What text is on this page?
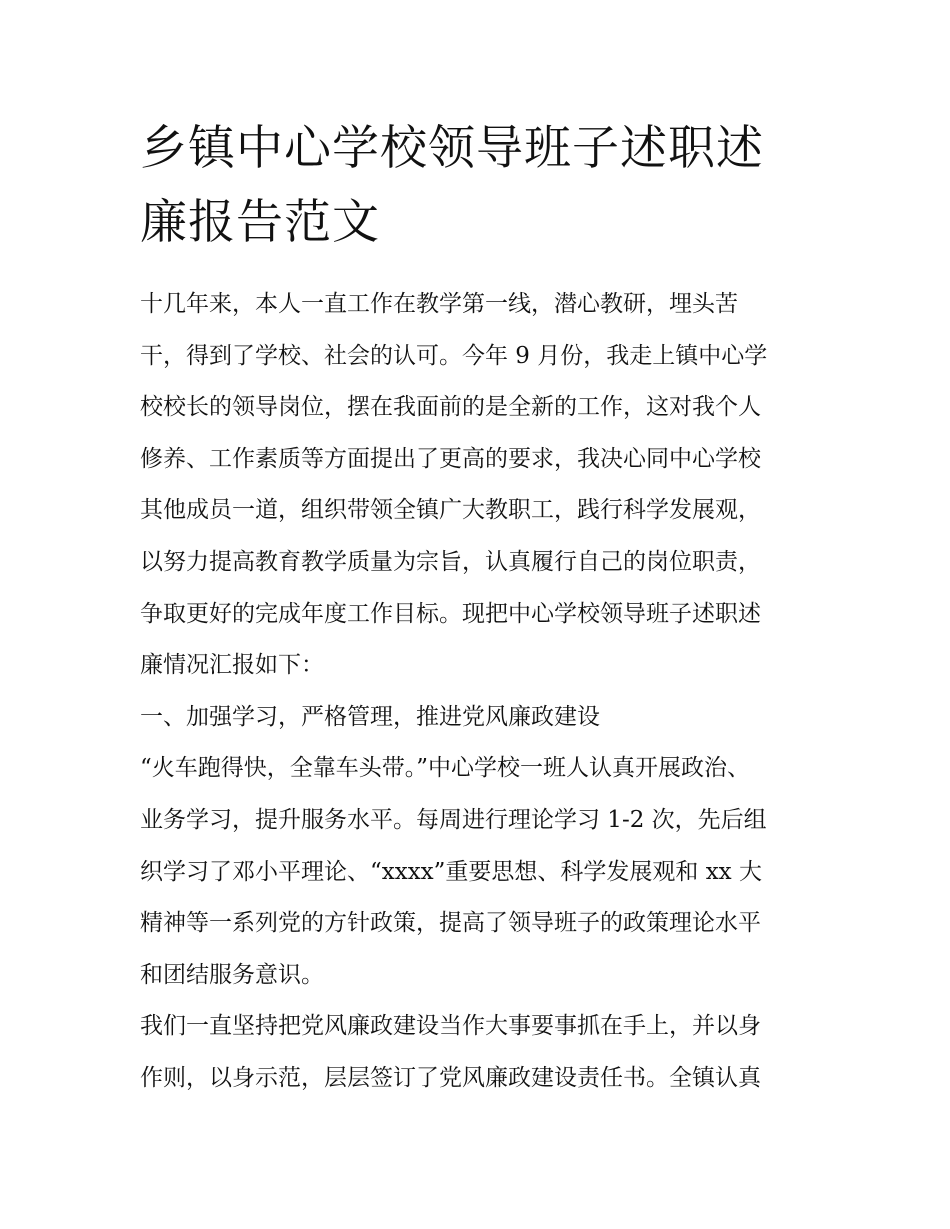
乡镇中心学校领导班子述职述廉报告范文

十几年来，本人一直工作在教学第一线，潜心教研，埋头苦

干，得到了学校、社会的认可。今年 9 月份，我走上镇中心学

校校长的领导岗位，摆在我面前的是全新的工作，这对我个人

修养、工作素质等方面提出了更高的要求，我决心同中心学校

其他成员一道，组织带领全镇广大教职工，践行科学发展观，

以努力提高教育教学质量为宗旨，认真履行自己的岗位职责，

争取更好的完成年度工作目标。现把中心学校领导班子述职述

廉情况汇报如下：

一、加强学习，严格管理，推进党风廉政建设

“火车跑得快，全靠车头带。”中心学校一班人认真开展政治、

业务学习，提升服务水平。每周进行理论学习 1-2 次，先后组

织学习了邓小平理论、“xxxx”重要思想、科学发展观和 xx 大

精神等一系列党的方针政策，提高了领导班子的政策理论水平

和团结服务意识。

我们一直坚持把党风廉政建设当作大事要事抓在手上，并以身

作则，以身示范，层层签订了党风廉政建设责任书。全镇认真
